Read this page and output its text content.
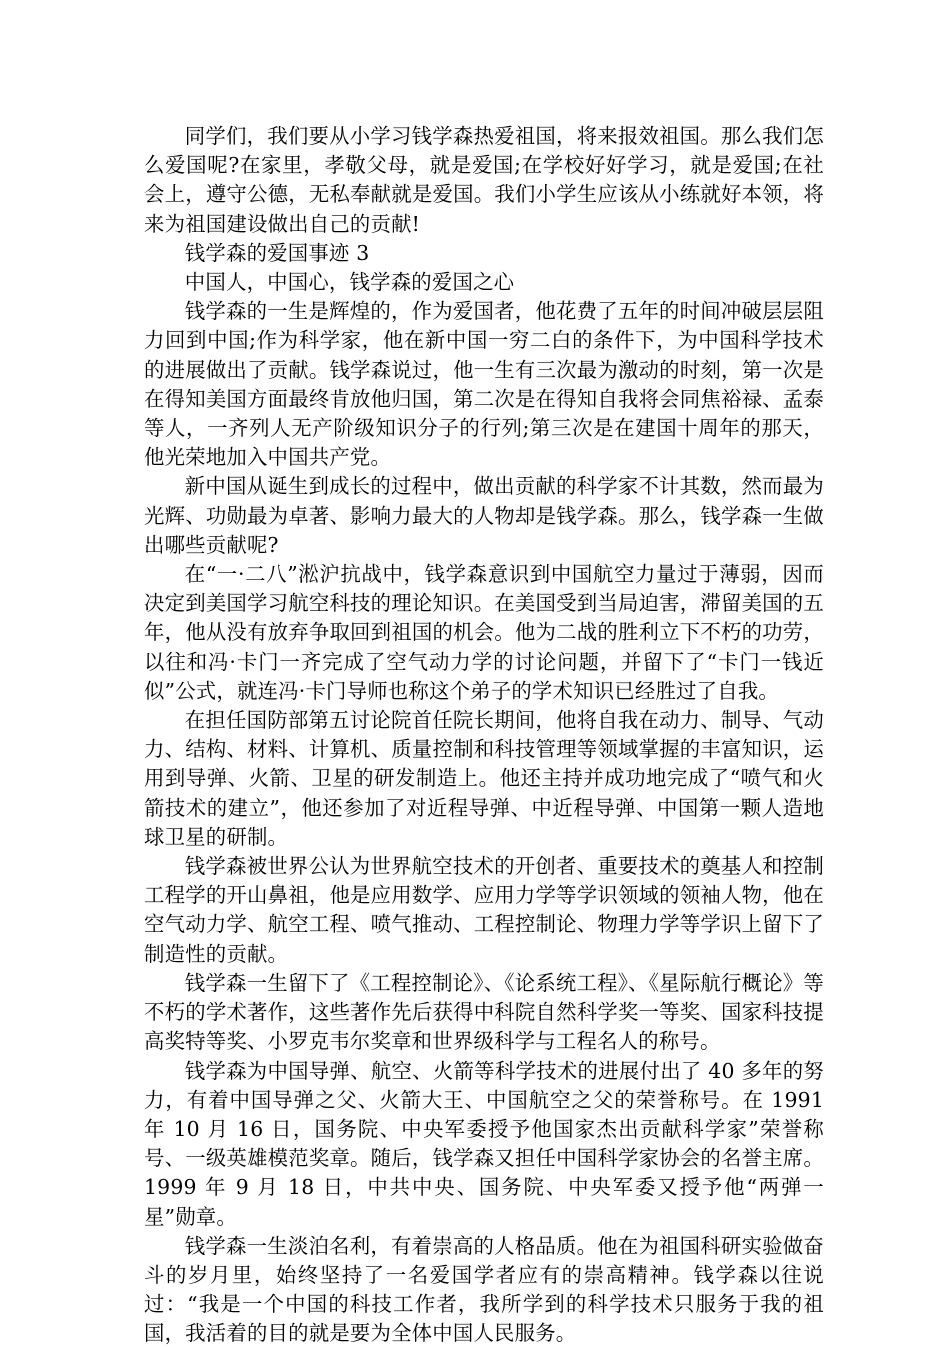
同学们，我们要从小学习钱学森热爱祖国，将来报效祖国。那么我们怎么爱国呢?在家里，孝敬父母，就是爱国;在学校好好学习，就是爱国;在社会上，遵守公德，无私奉献就是爱国。我们小学生应该从小练就好本领，将来为祖国建设做出自己的贡献!

钱学森的爱国事迹 3

中国人，中国心，钱学森的爱国之心

钱学森的一生是辉煌的，作为爱国者，他花费了五年的时间冲破层层阻力回到中国;作为科学家，他在新中国一穷二白的条件下，为中国科学技术的进展做出了贡献。钱学森说过，他一生有三次最为激动的时刻，第一次是在得知美国方面最终肯放他归国，第二次是在得知自我将会同焦裕禄、孟泰等人，一齐列人无产阶级知识分子的行列;第三次是在建国十周年的那天，他光荣地加入中国共产党。

新中国从诞生到成长的过程中，做出贡献的科学家不计其数，然而最为光辉、功勋最为卓著、影响力最大的人物却是钱学森。那么，钱学森一生做出哪些贡献呢?

在“一·二八”淞沪抗战中，钱学森意识到中国航空力量过于薄弱，因而决定到美国学习航空科技的理论知识。在美国受到当局迫害，滞留美国的五年，他从没有放弃争取回到祖国的机会。他为二战的胜利立下不朽的功劳，以往和冯·卡门一齐完成了空气动力学的讨论问题，并留下了“卡门一钱近似”公式，就连冯·卡门导师也称这个弟子的学术知识已经胜过了自我。

在担任国防部第五讨论院首任院长期间，他将自我在动力、制导、气动力、结构、材料、计算机、质量控制和科技管理等领域掌握的丰富知识，运用到导弹、火箭、卫星的研发制造上。他还主持并成功地完成了“喷气和火箭技术的建立”，他还参加了对近程导弹、中近程导弹、中国第一颗人造地球卫星的研制。

钱学森被世界公认为世界航空技术的开创者、重要技术的奠基人和控制工程学的开山鼻祖，他是应用数学、应用力学等学识领域的领袖人物，他在空气动力学、航空工程、喷气推动、工程控制论、物理力学等学识上留下了制造性的贡献。

钱学森一生留下了《工程控制论》、《论系统工程》、《星际航行概论》等不朽的学术著作，这些著作先后获得中科院自然科学奖一等奖、国家科技提高奖特等奖、小罗克韦尔奖章和世界级科学与工程名人的称号。

钱学森为中国导弹、航空、火箭等科学技术的进展付出了 40 多年的努力，有着中国导弹之父、火箭大王、中国航空之父的荣誉称号。在 1991 年 10 月 16 日，国务院、中央军委授予他国家杰出贡献科学家”荣誉称号、一级英雄模范奖章。随后，钱学森又担任中国科学家协会的名誉主席。1999 年 9 月 18 日，中共中央、国务院、中央军委又授予他“两弹一星”勋章。

钱学森一生淡泊名利，有着崇高的人格品质。他在为祖国科研实验做奋斗的岁月里，始终坚持了一名爱国学者应有的崇高精神。钱学森以往说过：“我是一个中国的科技工作者，我所学到的科学技术只服务于我的祖国，我活着的目的就是要为全体中国人民服务。
